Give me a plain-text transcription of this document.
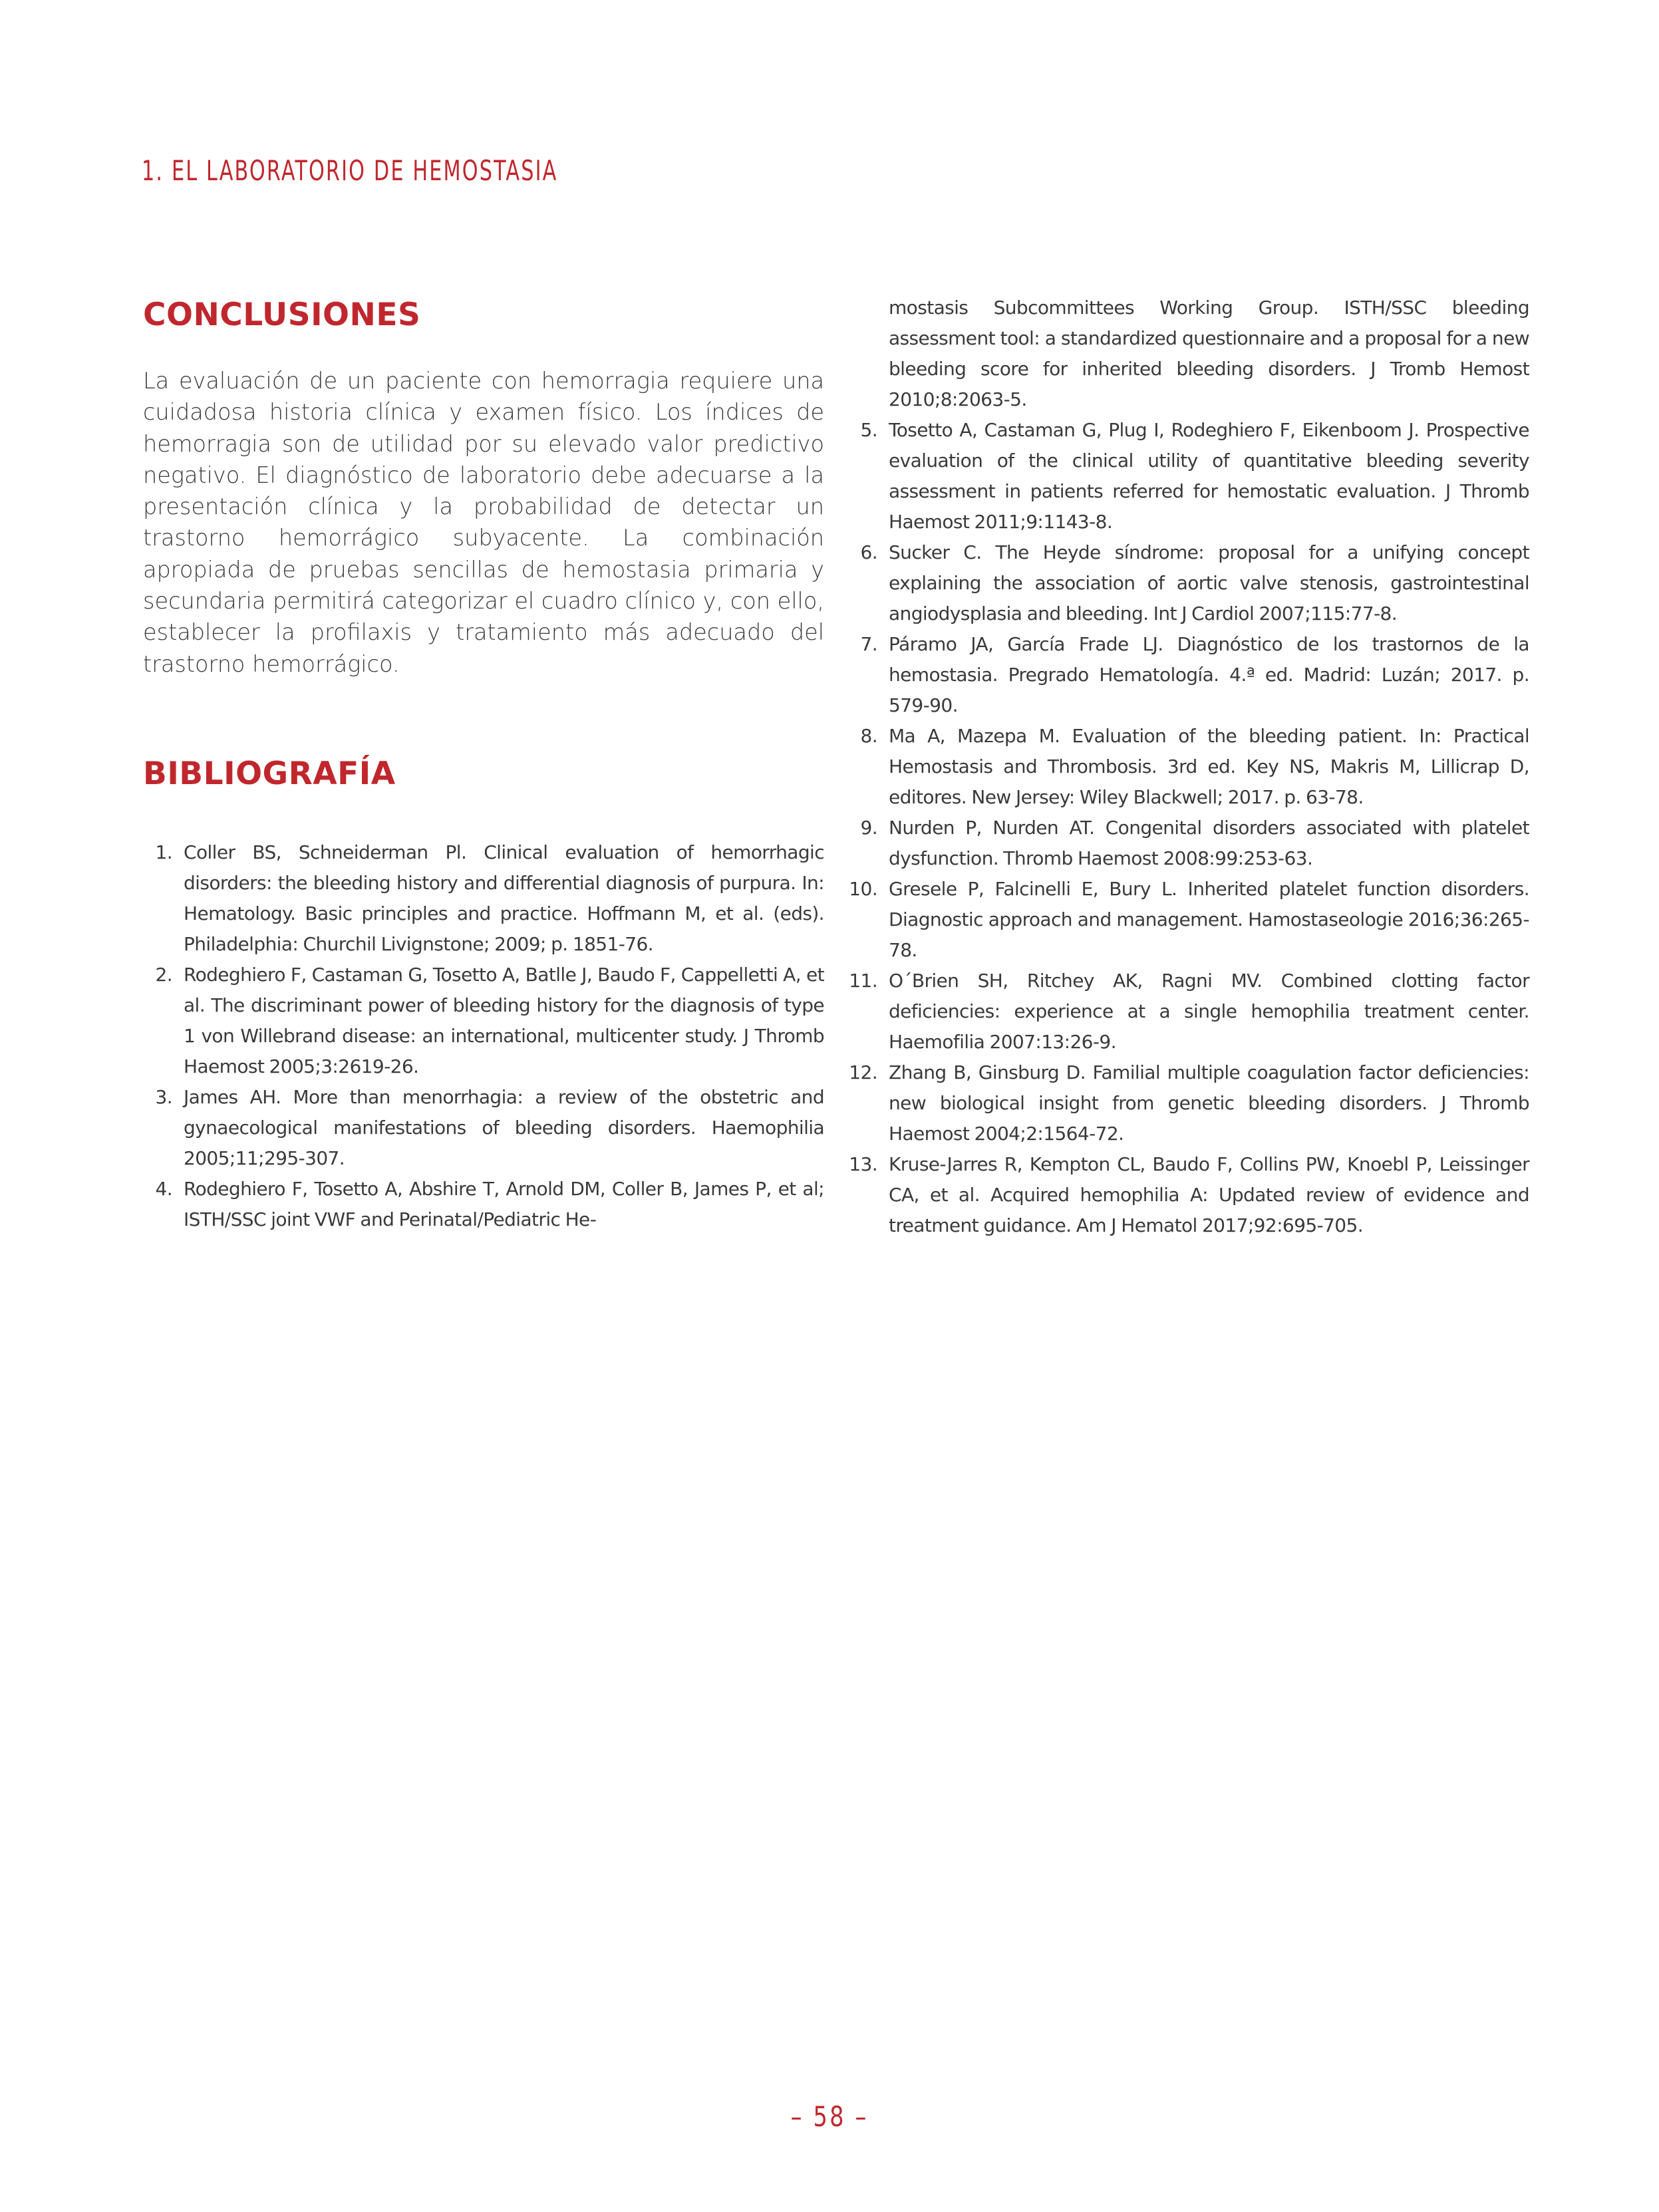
1. EL LABORATORIO DE HEMOSTASIA
CONCLUSIONES

La evaluación de un paciente con hemorragia requiere una cuidadosa historia clínica y examen físico. Los índices de hemorragia son de utilidad por su elevado valor predictivo negativo. El diagnóstico de laboratorio debe adecuarse a la presentación clínica y la probabilidad de detectar un trastorno hemorrágico subyacente. La combinación apropiada de pruebas sencillas de hemostasia primaria y secundaria permitirá categorizar el cuadro clínico y, con ello, establecer la profilaxis y tratamiento más adecuado del trastorno hemorrágico.

BIBLIOGRAFÍA
1. Coller BS, Schneiderman Pl. Clinical evaluation of hemorrhagic disorders: the bleeding history and differential diagnosis of purpura. In: Hematology. Basic principles and practice. Hoffmann M, et al. (eds). Philadelphia: Churchil Livignstone; 2009; p. 1851-76.
2. Rodeghiero F, Castaman G, Tosetto A, Batlle J, Baudo F, Cappelletti A, et al. The discriminant power of bleeding history for the diagnosis of type 1 von Willebrand disease: an international, multicenter study. J Thromb Haemost 2005;3:2619-26.
3. James AH. More than menorrhagia: a review of the obstetric and gynaecological manifestations of bleeding disorders. Haemophilia 2005;11;295-307.
4. Rodeghiero F, Tosetto A, Abshire T, Arnold DM, Coller B, James P, et al; ISTH/SSC joint VWF and Perinatal/Pediatric He-

mostasis Subcommittees Working Group. ISTH/SSC bleeding assessment tool: a standardized questionnaire and a proposal for a new bleeding score for inherited bleeding disorders. J Tromb Hemost 2010;8:2063-5.

5. Tosetto A, Castaman G, Plug I, Rodeghiero F, Eikenboom J. Prospective evaluation of the clinical utility of quantitative bleeding severity assessment in patients referred for hemostatic evaluation. J Thromb Haemost 2011;9:1143-8.
6. Sucker C. The Heyde síndrome: proposal for a unifying concept explaining the association of aortic valve stenosis, gastrointestinal angiodysplasia and bleeding. Int J Cardiol 2007;115:77-8.
7. Páramo JA, García Frade LJ. Diagnóstico de los trastornos de la hemostasia. Pregrado Hematología. 4.ª ed. Madrid: Luzán; 2017. p. 579-90.
8. Ma A, Mazepa M. Evaluation of the bleeding patient. In: Practical Hemostasis and Thrombosis. 3rd ed. Key NS, Makris M, Lillicrap D, editores. New Jersey: Wiley Blackwell; 2017. p. 63-78.
9. Nurden P, Nurden AT. Congenital disorders associated with platelet dysfunction. Thromb Haemost 2008:99:253-63.
10. Gresele P, Falcinelli E, Bury L. Inherited platelet function disorders. Diagnostic approach and management. Hamostaseologie 2016;36:265-78.
11. O´Brien SH, Ritchey AK, Ragni MV. Combined clotting factor deficiencies: experience at a single hemophilia treatment center. Haemofilia 2007:13:26-9.
12. Zhang B, Ginsburg D. Familial multiple coagulation factor deficiencies: new biological insight from genetic bleeding disorders. J Thromb Haemost 2004;2:1564-72.
13. Kruse-Jarres R, Kempton CL, Baudo F, Collins PW, Knoebl P, Leissinger CA, et al. Acquired hemophilia A: Updated review of evidence and treatment guidance. Am J Hematol 2017;92:695-705.
– 58 –
